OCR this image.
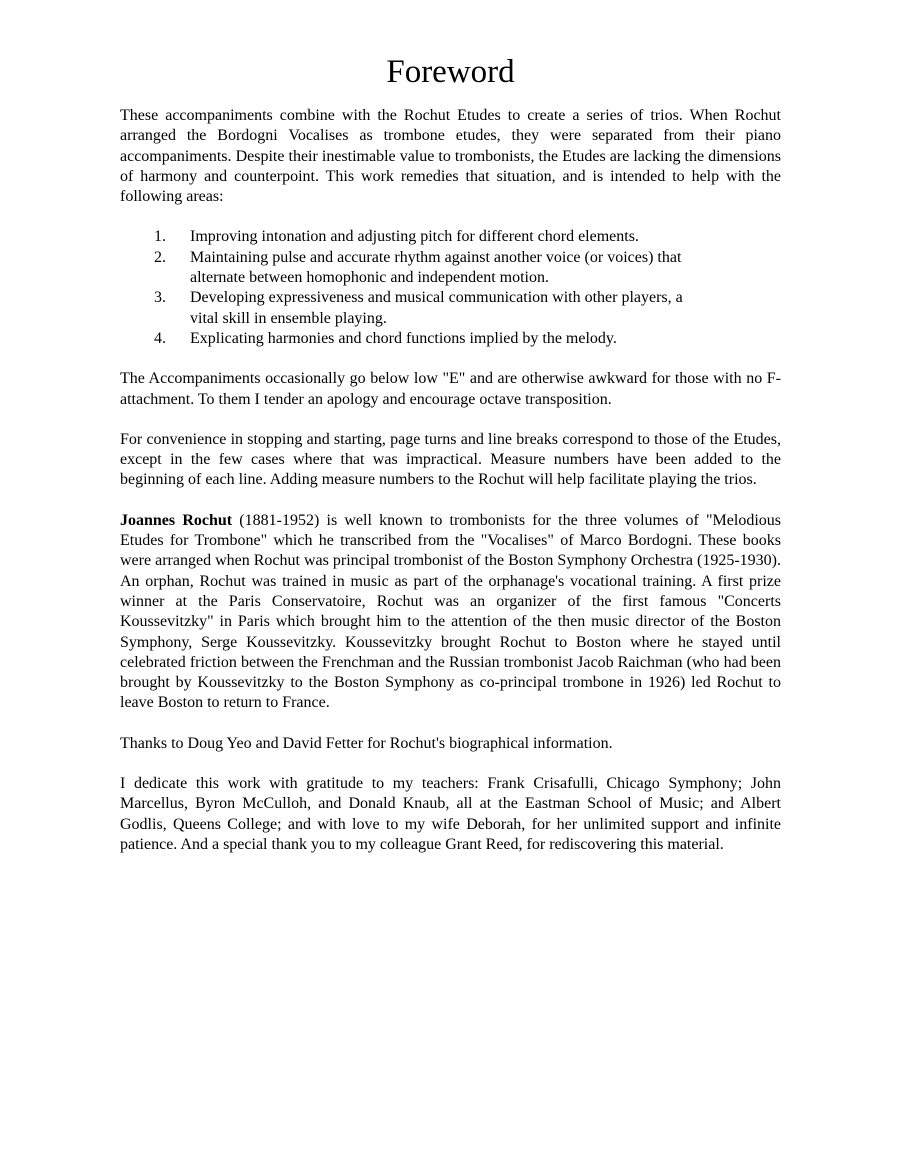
Foreword

These accompaniments combine with the Rochut Etudes to create a series of trios. When Rochut arranged the Bordogni Vocalises as trombone etudes, they were separated from their piano accompaniments. Despite their inestimable value to trombonists, the Etudes are lacking the dimensions of harmony and counterpoint. This work remedies that situation, and is intended to help with the following areas:

1. Improving intonation and adjusting pitch for different chord elements.
2. Maintaining pulse and accurate rhythm against another voice (or voices) that alternate between homophonic and independent motion.
3. Developing expressiveness and musical communication with other players, a vital skill in ensemble playing.
4. Explicating harmonies and chord functions implied by the melody.

The Accompaniments occasionally go below low "E" and are otherwise awkward for those with no F-attachment. To them I tender an apology and encourage octave transposition.

For convenience in stopping and starting, page turns and line breaks correspond to those of the Etudes, except in the few cases where that was impractical. Measure numbers have been added to the beginning of each line. Adding measure numbers to the Rochut will help facilitate playing the trios.

Joannes Rochut (1881-1952) is well known to trombonists for the three volumes of "Melodious Etudes for Trombone" which he transcribed from the "Vocalises" of Marco Bordogni. These books were arranged when Rochut was principal trombonist of the Boston Symphony Orchestra (1925-1930). An orphan, Rochut was trained in music as part of the orphanage's vocational training. A first prize winner at the Paris Conservatoire, Rochut was an organizer of the first famous "Concerts Koussevitzky" in Paris which brought him to the attention of the then music director of the Boston Symphony, Serge Koussevitzky. Koussevitzky brought Rochut to Boston where he stayed until celebrated friction between the Frenchman and the Russian trombonist Jacob Raichman (who had been brought by Koussevitzky to the Boston Symphony as co-principal trombone in 1926) led Rochut to leave Boston to return to France.

Thanks to Doug Yeo and David Fetter for Rochut's biographical information.

I dedicate this work with gratitude to my teachers: Frank Crisafulli, Chicago Symphony; John Marcellus, Byron McCulloh, and Donald Knaub, all at the Eastman School of Music; and Albert Godlis, Queens College; and with love to my wife Deborah, for her unlimited support and infinite patience. And a special thank you to my colleague Grant Reed, for rediscovering this material.
